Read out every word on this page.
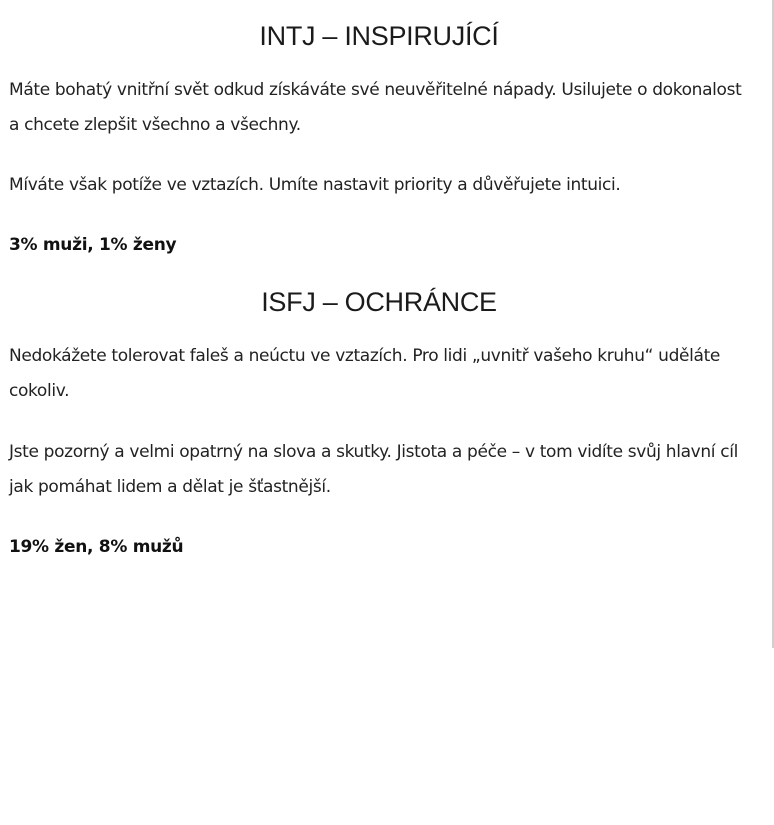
INTJ – INSPIRUJÍCÍ

Máte bohatý vnitřní svět odkud získáváte své neuvěřitelné nápady. Usilujete o dokonalost a chcete zlepšit všechno a všechny.

Míváte však potíže ve vztazích. Umíte nastavit priority a důvěřujete intuici.

3% muži, 1% ženy

ISFJ – OCHRÁNCE

Nedokážete tolerovat faleš a neúctu ve vztazích. Pro lidi „uvnitř vašeho kruhu“ uděláte cokoliv.

Jste pozorný a velmi opatrný na slova a skutky. Jistota a péče – v tom vidíte svůj hlavní cíl jak pomáhat lidem a dělat je šťastnější.

19% žen, 8% mužů
